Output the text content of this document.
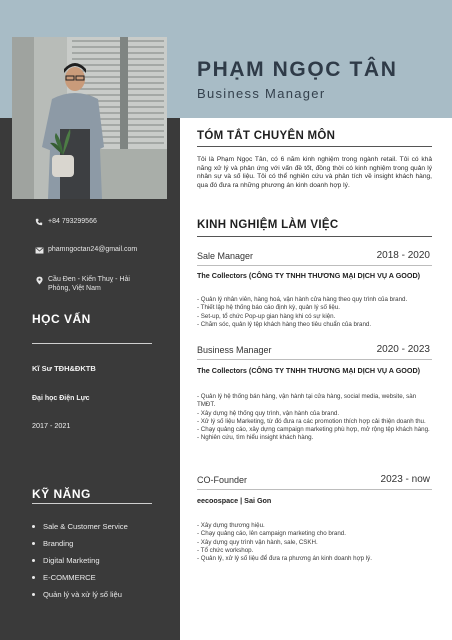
PHẠM NGỌC TÂN
Business Manager
+84 793299566
phamngoctan24@gmail.com
Cầu Đen - Kiến Thuỵ - Hải Phòng, Việt Nam
HỌC VẤN
Kĩ Sư TĐH&ĐKTB
Đại học Điện Lực
2017 - 2021
KỸ NĂNG
Sale & Customer Service
Branding
Digital Marketing
E-COMMERCE
Quản lý và xử lý số liệu
TÓM TẮT CHUYÊN MÔN
Tôi là Phạm Ngọc Tân, có 6 năm kinh nghiệm trong ngành retail. Tôi có khả năng xử lý và phản ứng với vấn đề tốt, đồng thời có kinh nghiệm trong quản lý nhân sự và số liệu. Tôi có thể nghiên cứu và phân tích về insight khách hàng, qua đó đưa ra những phương án kinh doanh hợp lý.
KINH NGHIỆM LÀM VIỆC
Sale Manager	2018 - 2020
The Collectors (CÔNG TY TNHH THƯƠNG MẠI DỊCH VỤ A GOOD)
- Quản lý nhân viên, hàng hoá, vận hành cửa hàng theo quy trình của brand.
- Thiết lập hệ thống báo cáo định kỳ, quản lý số liệu.
- Set-up, tổ chức Pop-up gian hàng khi có sự kiện.
- Chăm sóc, quản lý tệp khách hàng theo tiêu chuẩn của brand.
Business Manager	2020 - 2023
The Collectors (CÔNG TY TNHH THƯƠNG MẠI DỊCH VỤ A GOOD)
- Quản lý hệ thống bán hàng, vận hành tại cửa hàng, social media, website, sàn TMĐT.
- Xây dựng hệ thống quy trình, vận hành của brand.
- Xử lý số liệu Marketing, từ đó đưa ra các promotion thích hợp cải thiện doanh thu.
- Chạy quảng cáo, xây dựng campaign marketing phù hợp, mở rộng tệp khách hàng.
- Nghiên cứu, tìm hiểu insight khách hàng.
CO-Founder	2023 - now
eecoospace | Sai Gon
- Xây dựng thương hiệu.
- Chạy quảng cáo, lên campaign marketing cho brand.
- Xây dựng quy trình vận hành, sale, CSKH.
- Tổ chức workshop.
- Quản lý, xử lý số liệu để đưa ra phương án kinh doanh hợp lý.
